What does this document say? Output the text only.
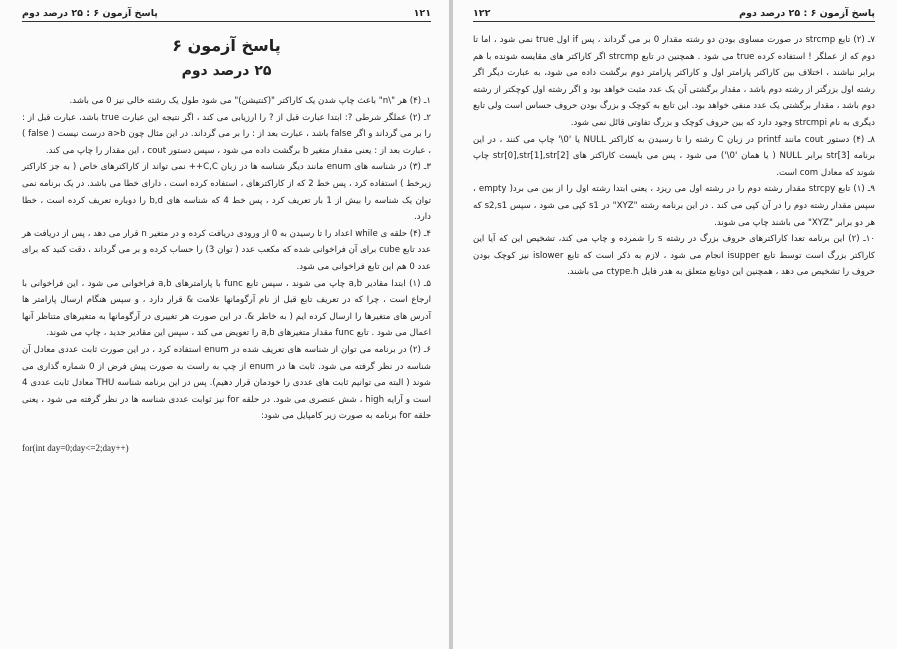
پاسخ آزمون ۶ : ۲۵ درصد دوم	۱۲۱
پاسخ آزمون ۶
۲۵ درصد دوم

۱ـ (۴) هر "\n" باعث چاپ شدن یک کاراکتر "(کنتیشن)" می شود طول یک رشته خالی نیز 0 می باشد.

۲ـ (۲) عملگر شرطی ?: ابتدا عبارت قبل از ? را ارزیابی می کند ، اگر نتیجه این عبارت true باشد، عبارت قبل از : را بر می گرداند و اگر false باشد ، عبارت بعد از : را بر می گرداند. در این مثال چون a>b درست نیست ( false ) ، عبارت بعد از : یعنی مقدار متغیر b برگشت داده می شود ، سپس دستور cout ، این مقدار را چاپ می کند.

۳ـ (۳) در شناسه های enum مانند دیگر شناسه ها در زبان C,C++ نمی تواند از کاراکترهای خاص ( به جز کاراکتر زیرخط ) استفاده کرد ، پس خط 2 که از کاراکترهای ، استفاده کرده است ، دارای خطا می باشد. در یک برنامه نمی توان یک شناسه را بیش از 1 بار تعریف کرد ، پس خط 4 که شناسه های b,d را دوباره تعریف کرده است ، خطا دارد.

۴ـ (۴) حلقه ی while اعداد را تا رسیدن به 0 از ورودی دریافت کرده و در متغیر n قرار می دهد ، پس از دریافت هر عدد تابع cube برای آن فراخوانی شده که مکعب عدد ( توان 3) را حساب کرده و بر می گرداند ، دقت کنید که برای عدد 0 هم این تابع فراخوانی می شود.

۵ـ (۱) ابتدا مقادیر a,b چاپ می شوند ، سپس تابع func با پارامترهای a,b فراخوانی می شود ، این فراخوانی با ارجاع است ، چرا که در تعریف تابع قبل از نام آرگومانها علامت & قرار دارد ، و سپس هنگام ارسال پارامتر ها آدرس های متغیرها را ارسال کرده ایم ( به خاطر &. در این صورت هر تغییری در آرگومانها به متغیرهای متناظر آنها اعمال می شود . تابع func مقدار متغیرهای a,b را تعویض می کند ، سپس این مقادیر جدید ، چاپ می شوند.

۶ـ (۲) در برنامه می توان از شناسه های تعریف شده در enum استفاده کرد ، در این صورت ثابت عددی معادل آن شناسه در نظر گرفته می شود. ثابت ها در enum از چپ به راست به صورت پیش فرض از 0 شماره گذاری می شوند ( البته می توانیم ثابت های عددی را خودمان قرار دهیم). پس در این برنامه شناسه THU معادل ثابت عددی 4 است و آرایه high ، شش عنصری می شود. در حلقه for نیز ثوابت عددی شناسه ها در نظر گرفته می شود ، یعنی حلقه for برنامه به صورت زیر کامپایل می شود:

for(int day=0;day<=2;day++)
۱۲۲	پاسخ آزمون ۶ : ۲۵ درصد دوم

۷ـ (۲) تابع strcmp در صورت مساوی بودن دو رشته مقدار 0 بر می گرداند ، پس if اول true نمی شود ، اما تا دوم که از عملگر ! استفاده کرده true می شود . همچنین در تابع strcmp اگر کاراکتر های مقایسه شونده با هم برابر نباشند ، اختلاف بین کاراکتر پارامتر اول و کاراکتر پارامتر دوم برگشت داده می شود، به عبارت دیگر اگر رشته اول بزرگتر از رشته دوم باشد ، مقدار برگشتی آن یک عدد مثبت خواهد بود و اگر رشته اول کوچکتر از رشته دوم باشد ، مقدار برگشتی یک عدد منفی خواهد بود. این تابع به کوچک و بزرگ بودن حروف حساس است ولی تابع دیگری به نام strcmpi وجود دارد که بین حروف کوچک و بزرگ تفاوتی قائل نمی شود.

۸ـ (۴) دستور cout مانند printf در زبان C رشته را تا رسیدن به کاراکتر NULL یا '0\' چاپ می کنند ، در این برنامه str[3] برابر NULL ( یا همان '0\') می شود ، پس می بایست کاراکتر های str[0],str[1],str[2] چاپ شوند که معادل com است.

۹ـ (۱) تابع strcpy مقدار رشته دوم را در رشته اول می ریزد ، یعنی ابتدا رشته اول را از بین می برد( empty ، سپس مقدار رشته دوم را در آن کپی می کند . در این برنامه رشته "XYZ" در s1 کپی می شود ، سپس s2,s1 که هر دو برابر "XYZ" می باشند چاپ می شوند.

۱۰ـ (۲) این برنامه تعدا کاراکترهای حروف بزرگ در رشته s را شمرده و چاپ می کند، تشخیص این که آیا این کاراکتر بزرگ است توسط تابع isupper انجام می شود ، لازم به ذکر است که تابع islower نیز کوچک بودن حروف را تشخیص می دهد ، همچنین این دوتابع متعلق به هدر فایل ctype.h می باشند.
